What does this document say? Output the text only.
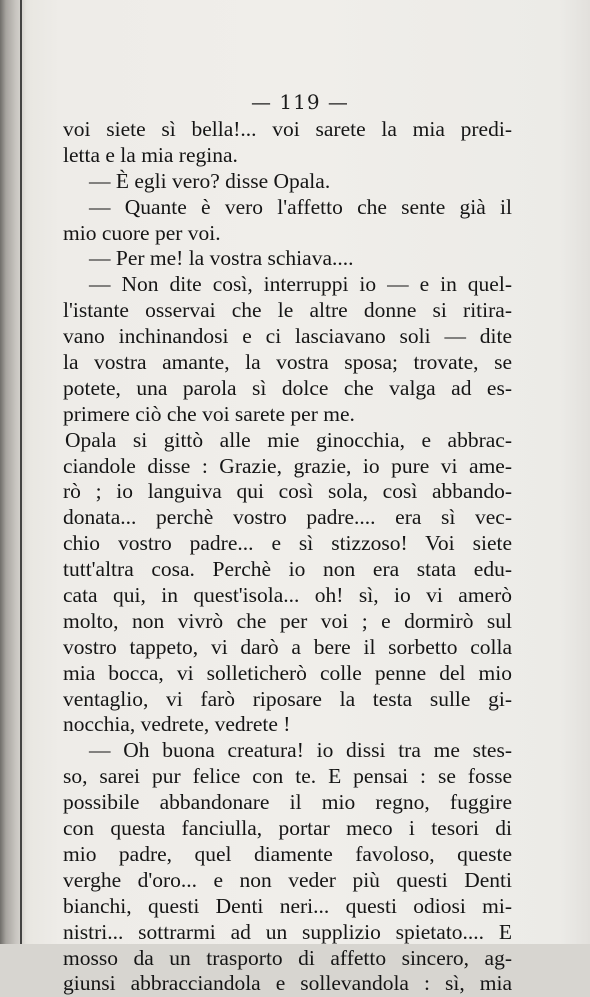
— 119 —
voi siete sì bella!... voi sarete la mia predi-
letta e la mia regina.
— È egli vero? disse Opala.
— Quante è vero l'affetto che sente già il
mio cuore per voi.
— Per me! la vostra schiava....
— Non dite così, interruppi io — e in quel-
l'istante osservai che le altre donne si ritira-
vano inchinandosi e ci lasciavano soli — dite
la vostra amante, la vostra sposa; trovate, se
potete, una parola sì dolce che valga ad es-
primere ciò che voi sarete per me.
Opala si gittò alle mie ginocchia, e abbrac-
ciandole disse : Grazie, grazie, io pure vi ame-
rò ; io languiva qui così sola, così abbando-
donata... perchè vostro padre.... era sì vec-
chio vostro padre... e sì stizzoso! Voi siete
tutt'altra cosa. Perchè io non era stata edu-
cata qui, in quest'isola... oh! sì, io vi amerò
molto, non vivrò che per voi ; e dormirò sul
vostro tappeto, vi darò a bere il sorbetto colla
mia bocca, vi solleticherò colle penne del mio
ventaglio, vi farò riposare la testa sulle gi-
nocchia, vedrete, vedrete !
— Oh buona creatura! io dissi tra me stes-
so, sarei pur felice con te. E pensai : se fosse
possibile abbandonare il mio regno, fuggire
con questa fanciulla, portar meco i tesori di
mio padre, quel diamente favoloso, queste
verghe d'oro... e non veder più questi Denti
bianchi, questi Denti neri... questi odiosi mi-
nistri... sottrarmi ad un supplizio spietato.... E
mosso da un trasporto di affetto sincero, ag-
giunsi abbracciandola e sollevandola : sì, mia
